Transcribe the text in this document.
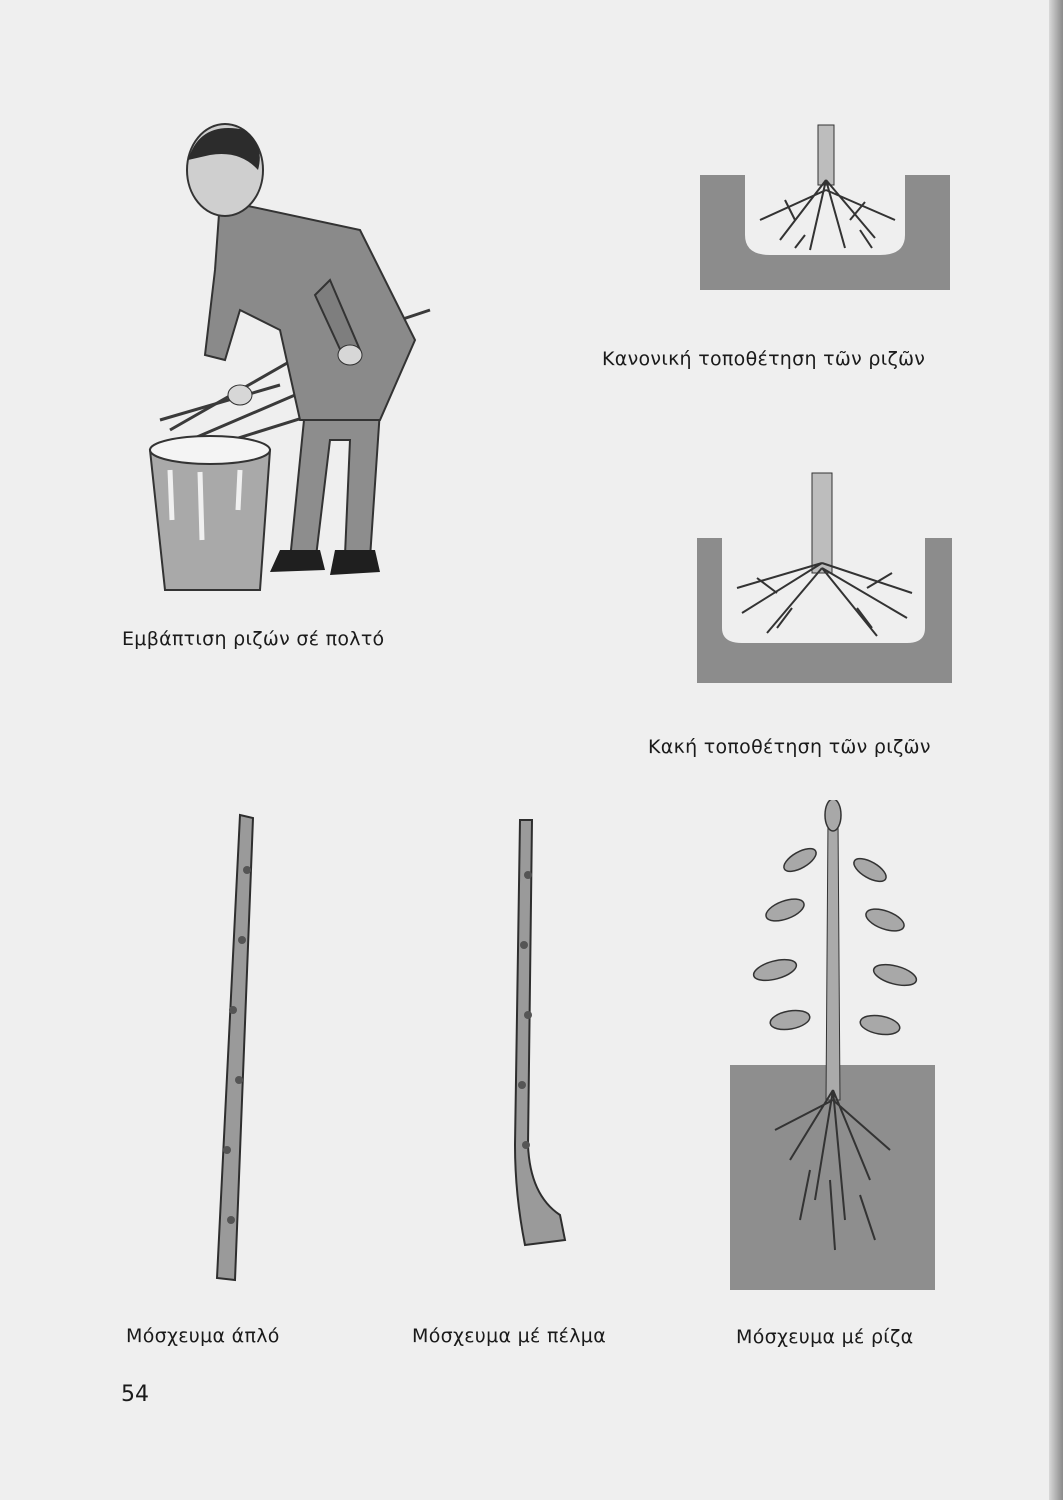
Εμβάπτιση ριζών σέ πολτό
Κανονική τοποθέτηση τῶν ριζῶν
Κακή τοποθέτηση τῶν ριζῶν
Μόσχευμα άπλό	Μόσχευμα μέ πέλμα	Μόσχευμα μέ ρίζα
54
